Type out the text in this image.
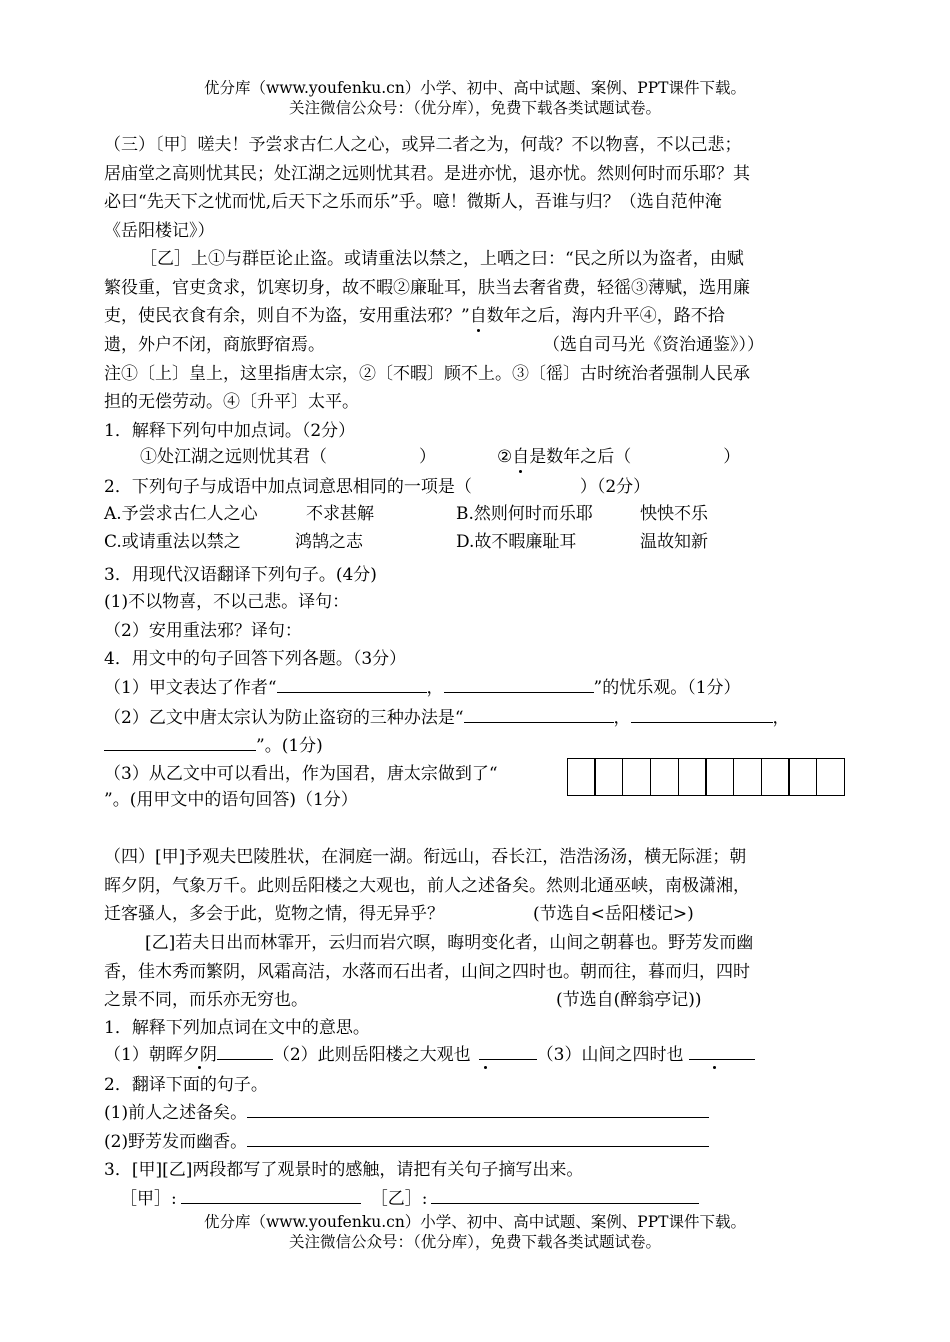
优分库（www.youfenku.cn）小学、初中、高中试题、案例、PPT课件下载。
关注微信公众号：（优分库），免费下载各类试题试卷。
（三）〔甲〕嗟夫！予尝求古仁人之心，或异二者之为，何哉？不以物喜，不以己悲；
居庙堂之高则忧其民；处江湖之远则忧其君。是进亦忧，退亦忧。然则何时而乐耶？其
必曰“先天下之忧而忧,后天下之乐而乐”乎。噫！微斯人，吾谁与归？（选自范仲淹
《岳阳楼记》）
［乙］上①与群臣论止盗。或请重法以禁之，上哂之曰：“民之所以为盗者，由赋
繁役重，官吏贪求，饥寒切身，故不暇②廉耻耳，肤当去奢省费，轻徭③薄赋，选用廉
吏，使民衣食有余，则自不为盗，安用重法邪？”自数年之后，海内升平④，路不拾
遗，外户不闭，商旅野宿焉。	（选自司马光《资治通鉴》））
注①〔上〕皇上，这里指唐太宗，②〔不暇〕顾不上。③〔徭〕古时统治者强制人民承
担的无偿劳动。④〔升平〕太平。
1．解释下列句中加点词。（2分）
①处江湖之远则忧其君（	）	②自是数年之后（	）
2．下列句子与成语中加点词意思相同的一项是（	）（2分）
A.予尝求古仁人之心	不求甚解	B.然则何时而乐耶	怏怏不乐
C.或请重法以禁之	鸿鹄之志	D.故不暇廉耻耳	温故知新
3．用现代汉语翻译下列句子。(4分)
(1)不以物喜，不以己悲。译句：
（2）安用重法邪？译句：
4．用文中的句子回答下列各题。（3分）
（1）甲文表达了作者“	，	”的忧乐观。（1分）
（2）乙文中唐太宗认为防止盗窃的三种办法是“	，	，
”。(1分)
（3）从乙文中可以看出，作为国君，唐太宗做到了“
”。(用甲文中的语句回答)（1分）
（四）[甲]予观夫巴陵胜状，在洞庭一湖。衔远山，吞长江，浩浩汤汤，横无际涯；朝
晖夕阴，气象万千。此则岳阳楼之大观也，前人之述备矣。然则北通巫峡，南极潇湘，
迁客骚人，多会于此，览物之情，得无异乎？	(节选自<岳阳楼记>)
[乙]若夫日出而林霏开，云归而岩穴暝，晦明变化者，山间之朝暮也。野芳发而幽
香，佳木秀而繁阴，风霜高洁，水落而石出者，山间之四时也。朝而往，暮而归，四时
之景不同，而乐亦无穷也。	(节选自(醉翁亭记))
1．解释下列加点词在文中的意思。
（1）朝晖夕阴	（2）此则岳阳楼之大观也	（3）山间之四时也
2．翻译下面的句子。
(1)前人之述备矣。
(2)野芳发而幽香。
3．[甲][乙]两段都写了观景时的感触，请把有关句子摘写出来。
［甲］:	［乙］:
优分库（www.youfenku.cn）小学、初中、高中试题、案例、PPT课件下载。
关注微信公众号：（优分库），免费下载各类试题试卷。
